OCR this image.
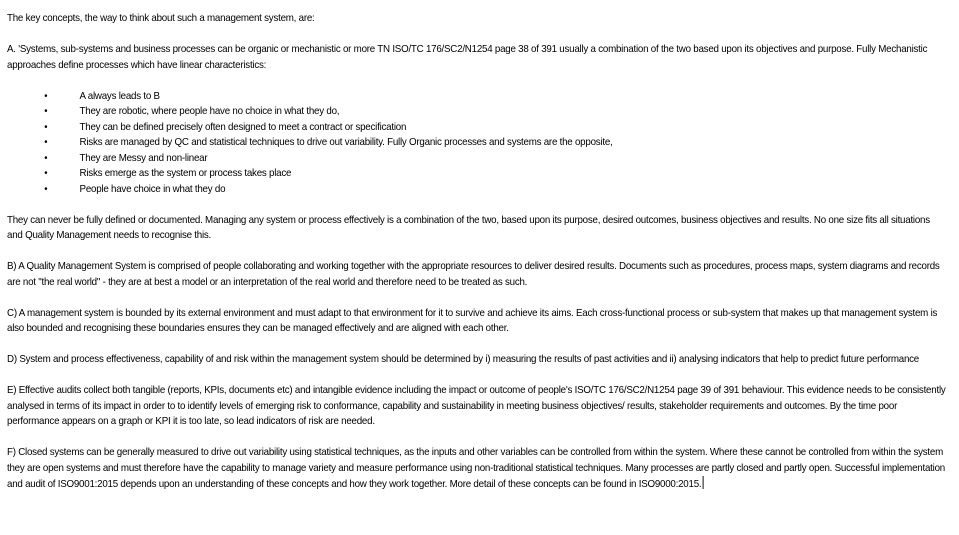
The key concepts, the way to think about such a management system, are:

A. 'Systems, sub-systems and business processes can be organic or mechanistic or more TN ISO/TC 176/SC2/N1254 page 38 of 391 usually a combination of the two based upon its objectives and purpose. Fully Mechanistic approaches define processes which have linear characteristics:

•	A always leads to B
•	They are robotic, where people have no choice in what they do,
•	They can be defined precisely often designed to meet a contract or specification
•	Risks are managed by QC and statistical techniques to drive out variability. Fully Organic processes and systems are the opposite,
•	They are Messy and non-linear
•	Risks emerge as the system or process takes place
•	People have choice in what they do

They can never be fully defined or documented. Managing any system or process effectively is a combination of the two, based upon its purpose, desired outcomes, business objectives and results. No one size fits all situations and Quality Management needs to recognise this.

B) A Quality Management System is comprised of people collaborating and working together with the appropriate resources to deliver desired results. Documents such as procedures, process maps, system diagrams and records are not "the real world" - they are at best a model or an interpretation of the real world and therefore need to be treated as such.

C) A management system is bounded by its external environment and must adapt to that environment for it to survive and achieve its aims. Each cross-functional process or sub-system that makes up that management system is also bounded and recognising these boundaries ensures they can be managed effectively and are aligned with each other.

D) System and process effectiveness, capability of and risk within the management system should be determined by i) measuring the results of past activities and ii) analysing indicators that help to predict future performance

E) Effective audits collect both tangible (reports, KPIs, documents etc) and intangible evidence including the impact or outcome of people's ISO/TC 176/SC2/N1254 page 39 of 391 behaviour. This evidence needs to be consistently analysed in terms of its impact in order to to identify levels of emerging risk to conformance, capability and sustainability in meeting business objectives/ results, stakeholder requirements and outcomes. By the time poor performance appears on a graph or KPI it is too late, so lead indicators of risk are needed.

F) Closed systems can be generally measured to drive out variability using statistical techniques, as the inputs and other variables can be controlled from within the system. Where these cannot be controlled from within the system they are open systems and must therefore have the capability to manage variety and measure performance using non-traditional statistical techniques. Many processes are partly closed and partly open. Successful implementation and audit of ISO9001:2015 depends upon an understanding of these concepts and how they work together. More detail of these concepts can be found in ISO9000:2015.
